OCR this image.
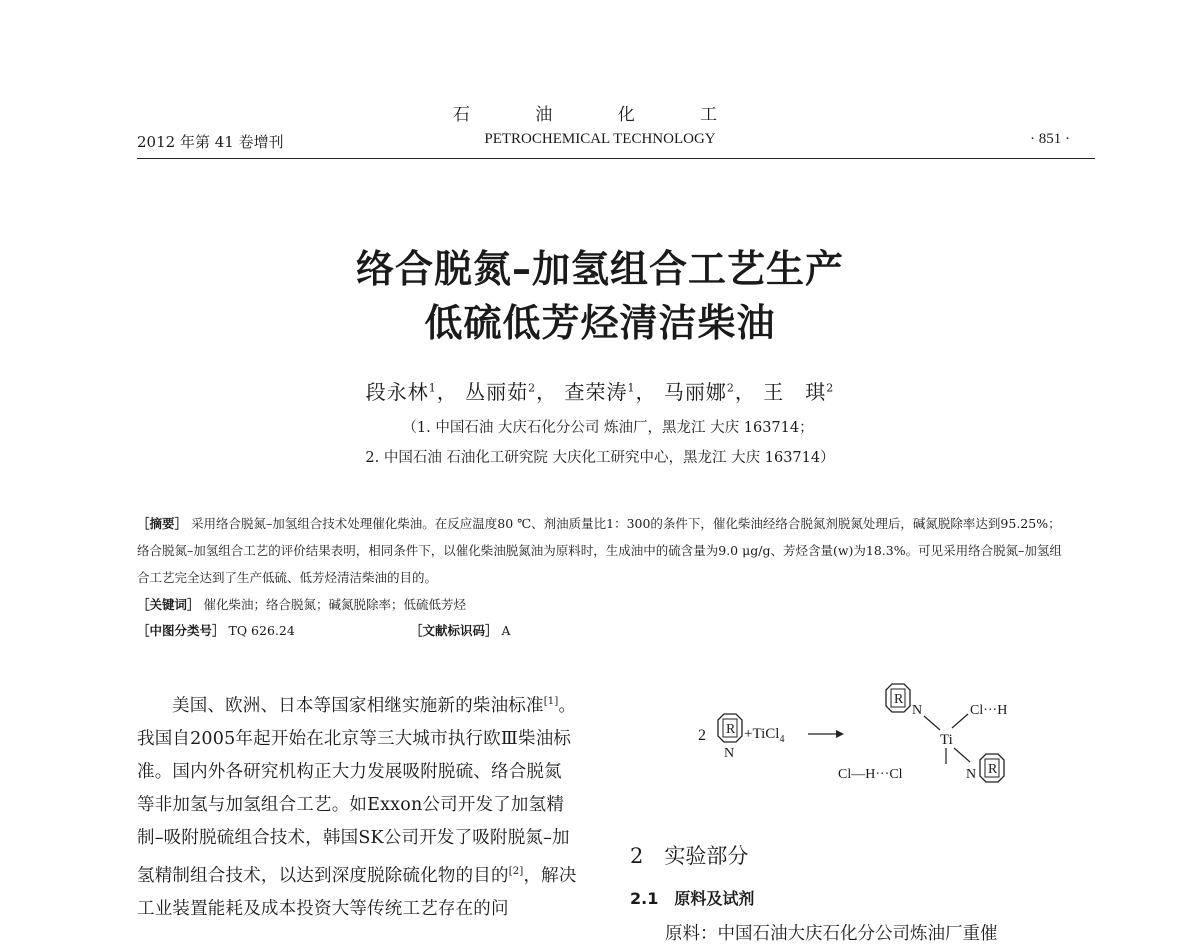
石 油 化 工
2012 年第 41 卷增刊	PETROCHEMICAL TECHNOLOGY	· 851 ·
络合脱氮–加氢组合工艺生产
低硫低芳烃清洁柴油
段永林$^1$， 丛丽茹$^2$， 查荣涛$^1$， 马丽娜$^2$， 王　琪$^2$
（1. 中国石油 大庆石化分公司 炼油厂，黑龙江 大庆 163714；
2. 中国石油 石油化工研究院 大庆化工研究中心，黑龙江 大庆 163714）
［摘要］ 采用络合脱氮–加氢组合技术处理催化柴油。在反应温度80 ℃、剂油质量比1：300的条件下，催化柴油经络合脱氮剂脱氮处理后，碱氮脱除率达到95.25%；络合脱氮–加氢组合工艺的评价结果表明，相同条件下，以催化柴油脱氮油为原料时，生成油中的硫含量为9.0 μg/g、芳烃含量(w)为18.3%。可见采用络合脱氮–加氢组合工艺完全达到了生产低硫、低芳烃清洁柴油的目的。
［关键词］ 催化柴油；络合脱氮；碱氮脱除率；低硫低芳烃
［中图分类号］ TQ 626.24	［文献标识码］ A

美国、欧洲、日本等国家相继实施新的柴油标准[1]。我国自2005年起开始在北京等三大城市执行欧Ⅲ柴油标准。国内外各研究机构正大力发展吸附脱硫、络合脱氮等非加氢与加氢组合工艺。如Exxon公司开发了加氢精制–吸附脱硫组合技术，韩国SK公司开发了吸附脱氮–加氢精制组合技术，以达到深度脱除硫化物的目的[2]，解决工业装置能耗及成本投资大等传统工艺存在的问

2 R
N
+TiCl$_4$
R
N
Ti
Cl···H
Cl—H···Cl	N R
2　实验部分
2.1　原料及试剂
原料：中国石油大庆石化分公司炼油厂重催
